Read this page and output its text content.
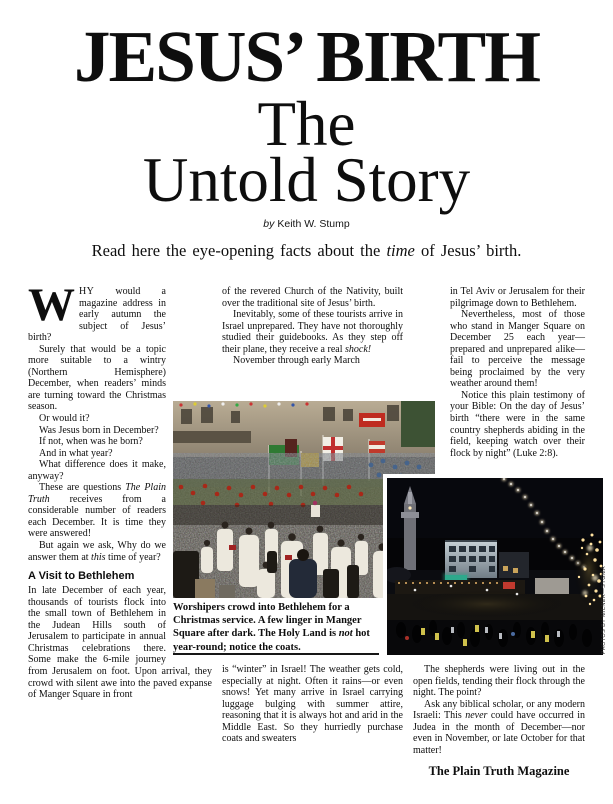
JESUS’ BIRTH
The
Untold Story
by Keith W. Stump
Read here the eye-opening facts about the time of Jesus’ birth.

WHY would a magazine address in early autumn the subject of Jesus’ birth?

Surely that would be a topic more suitable to a wintry (Northern Hemisphere) December, when readers’ minds are turning toward the Christmas season.

Or would it?

Was Jesus born in December?

If not, when was he born?

And in what year?

What difference does it make, anyway?

These are questions The Plain Truth receives from a considerable number of readers each December. It is time they were answered!

But again we ask, Why do we answer them at this time of year?

A Visit to Bethlehem

In late December of each year, thousands of tourists flock into the small town of Bethlehem in the Judean Hills south of Jerusalem to participate in annual Christmas celebrations there. Some make the 6-mile journey from Jerusalem on foot. Upon arrival, they crowd with silent awe into the paved expanse of Manger Square in front

of the revered Church of the Nativity, built over the traditional site of Jesus’ birth.

Inevitably, some of these tourists arrive in Israel unprepared. They have not thoroughly studied their guidebooks. As they step off their plane, they receive a real shock!

November through early March

is “winter” in Israel! The weather gets cold, especially at night. Often it rains—or even snows! Yet many arrive in Israel carrying luggage bulging with summer attire, reasoning that it is always hot and arid in the Middle East. So they hurriedly purchase coats and sweaters

in Tel Aviv or Jerusalem for their pilgrimage down to Bethlehem.

Nevertheless, most of those who stand in Manger Square on December 25 each year—prepared and unprepared alike—fail to perceive the message being proclaimed by the very weather around them!

Notice this plain testimony of your Bible: On the day of Jesus’ birth “there were in the same country shepherds abiding in the field, keeping watch over their flock by night” (Luke 2:8).

The shepherds were living out in the open fields, tending their flock through the night. The point?

Ask any biblical scholar, or any modern Israeli: This never could have occurred in Judea in the month of December—nor even in November, or late October for that matter!

Worshipers crowd into Bethlehem for a Christmas service. A few linger in Manger Square after dark. The Holy Land is not hot year-round; notice the coats.	PHOTOS BY MILNER—SYGMA
The Plain Truth Magazine
